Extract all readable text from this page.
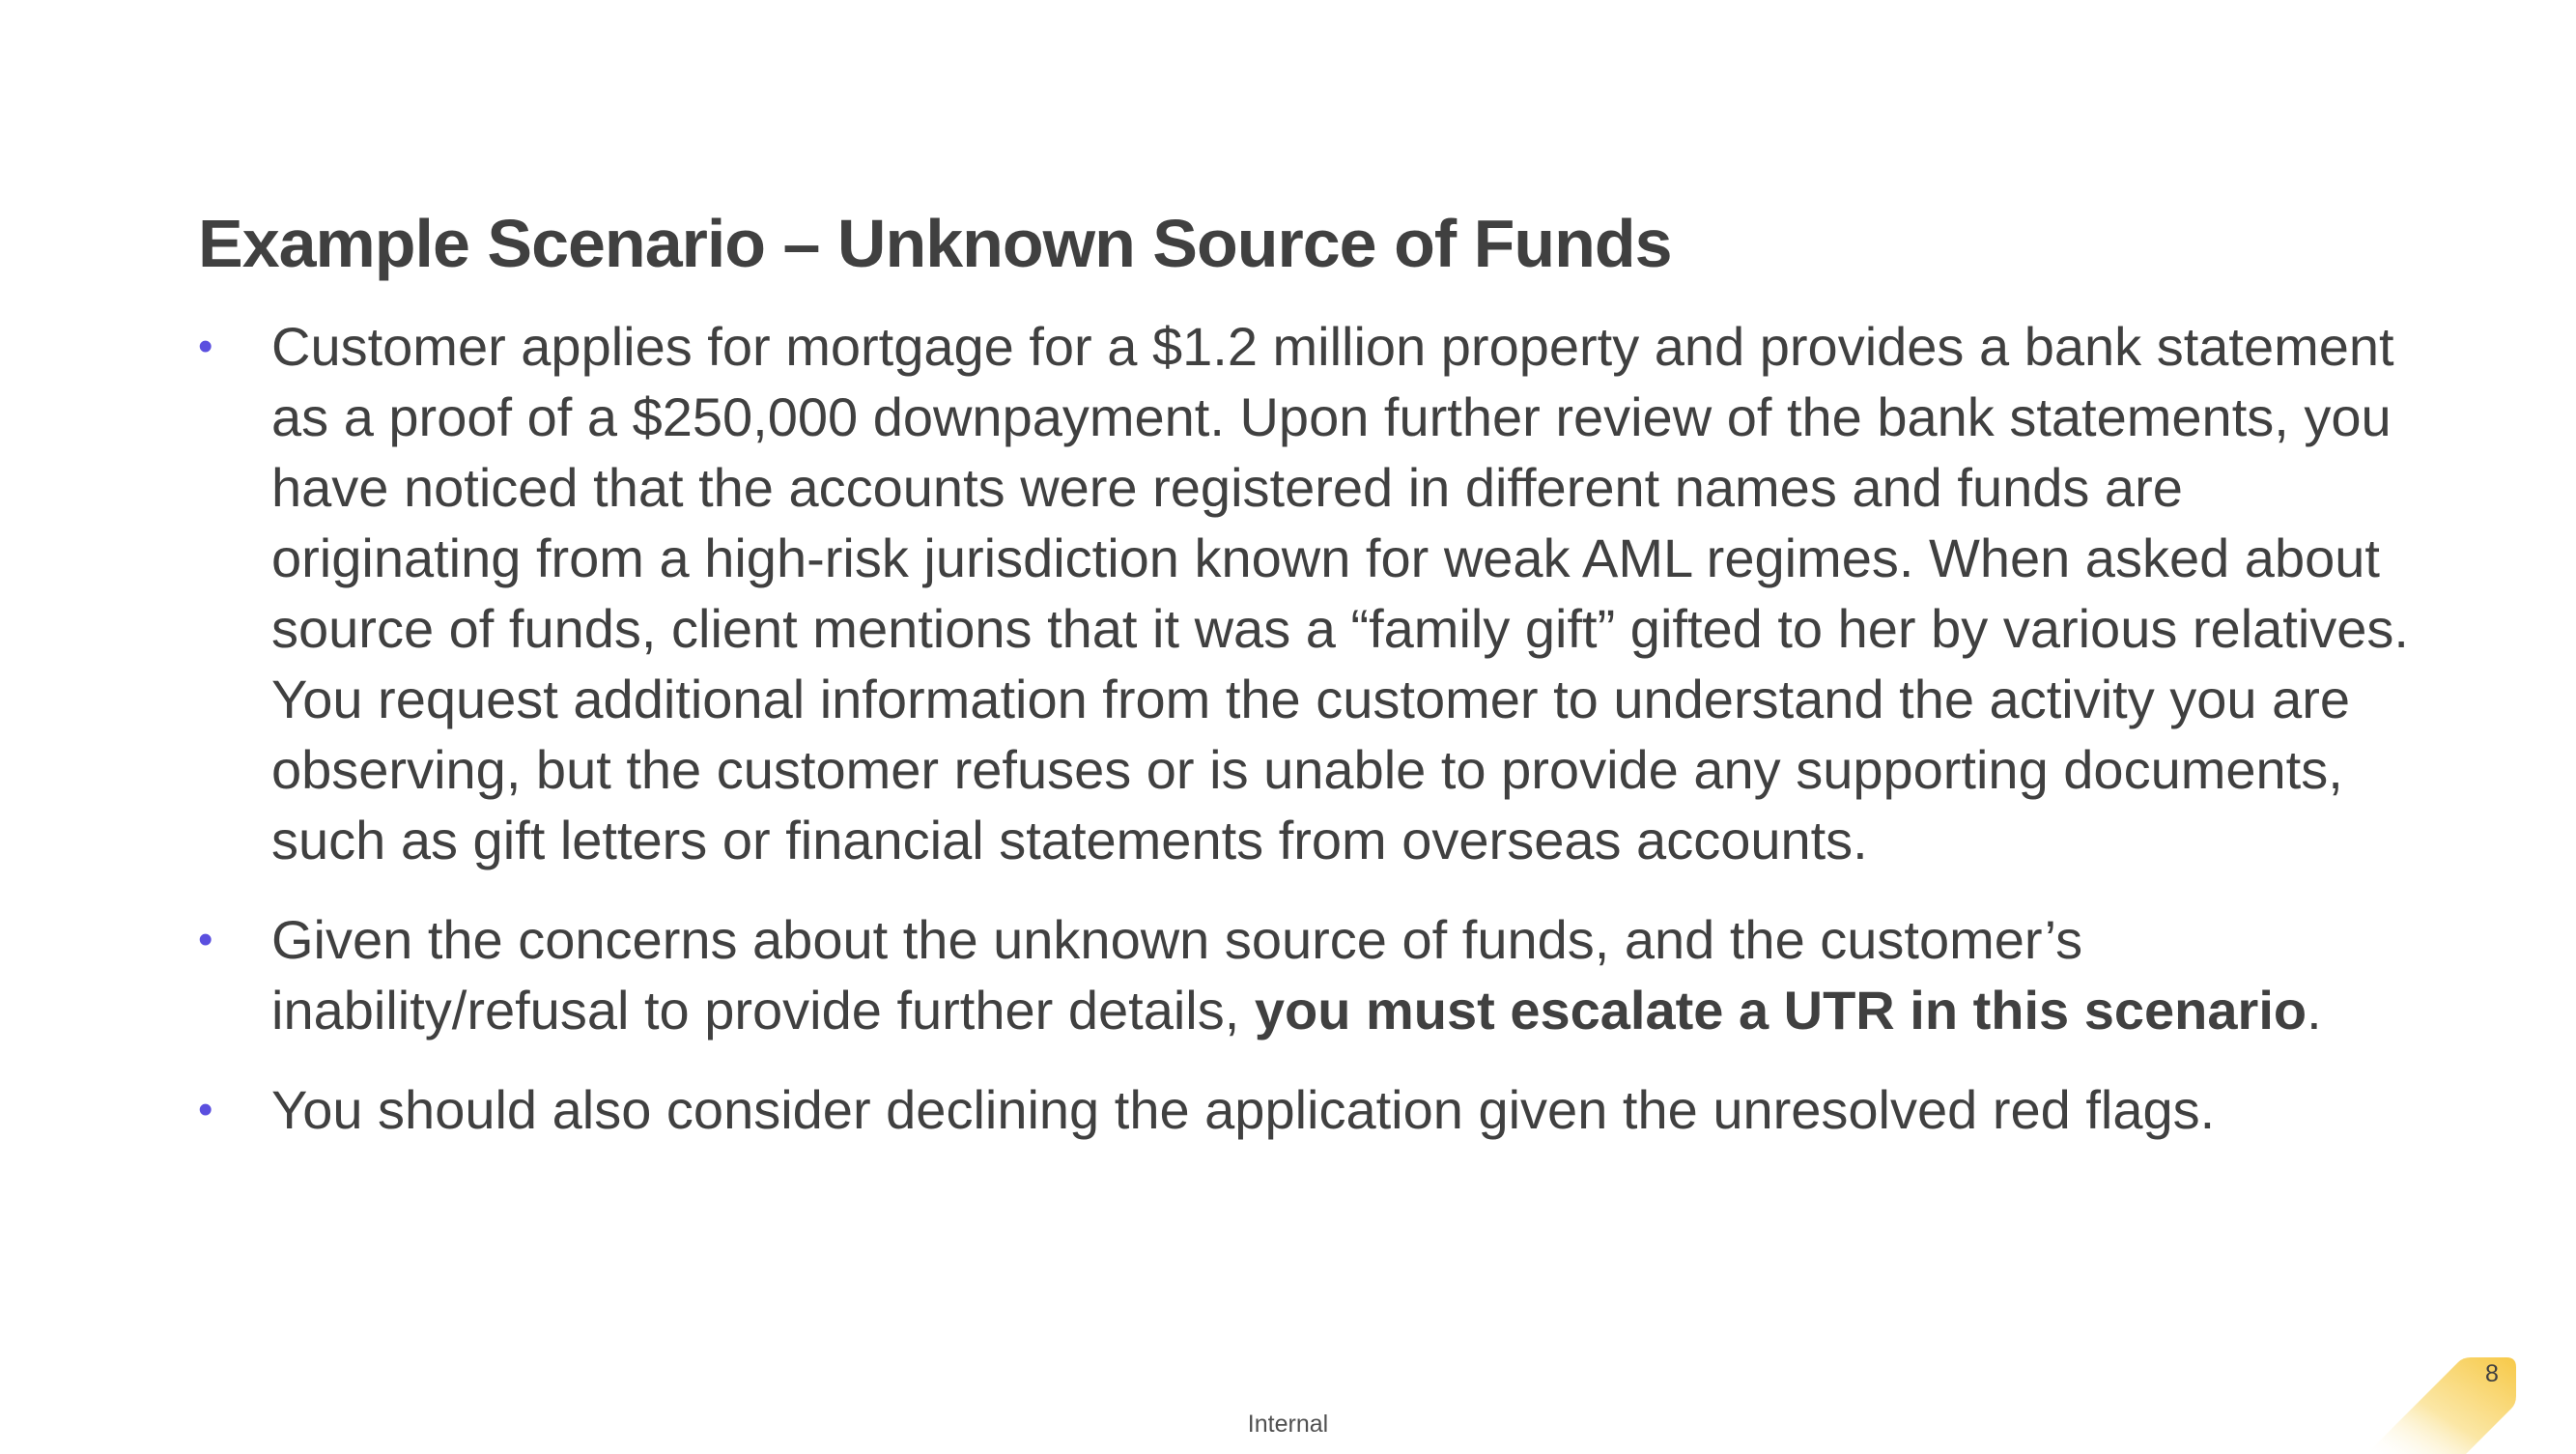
Example Scenario – Unknown Source of Funds
•	Customer applies for mortgage for a $1.2 million property and provides a bank statement as a proof of a $250,000 downpayment. Upon further review of the bank statements, you have noticed that the accounts were registered in different names and funds are originating from a high-risk jurisdiction known for weak AML regimes. When asked about source of funds, client mentions that it was a “family gift” gifted to her by various relatives. You request additional information from the customer to understand the activity you are observing, but the customer refuses or is unable to provide any supporting documents, such as gift letters or financial statements from overseas accounts.
•	Given the concerns about the unknown source of funds, and the customer’s inability/refusal to provide further details, you must escalate a UTR in this scenario.
•	You should also consider declining the application given the unresolved red flags.
Internal
8
